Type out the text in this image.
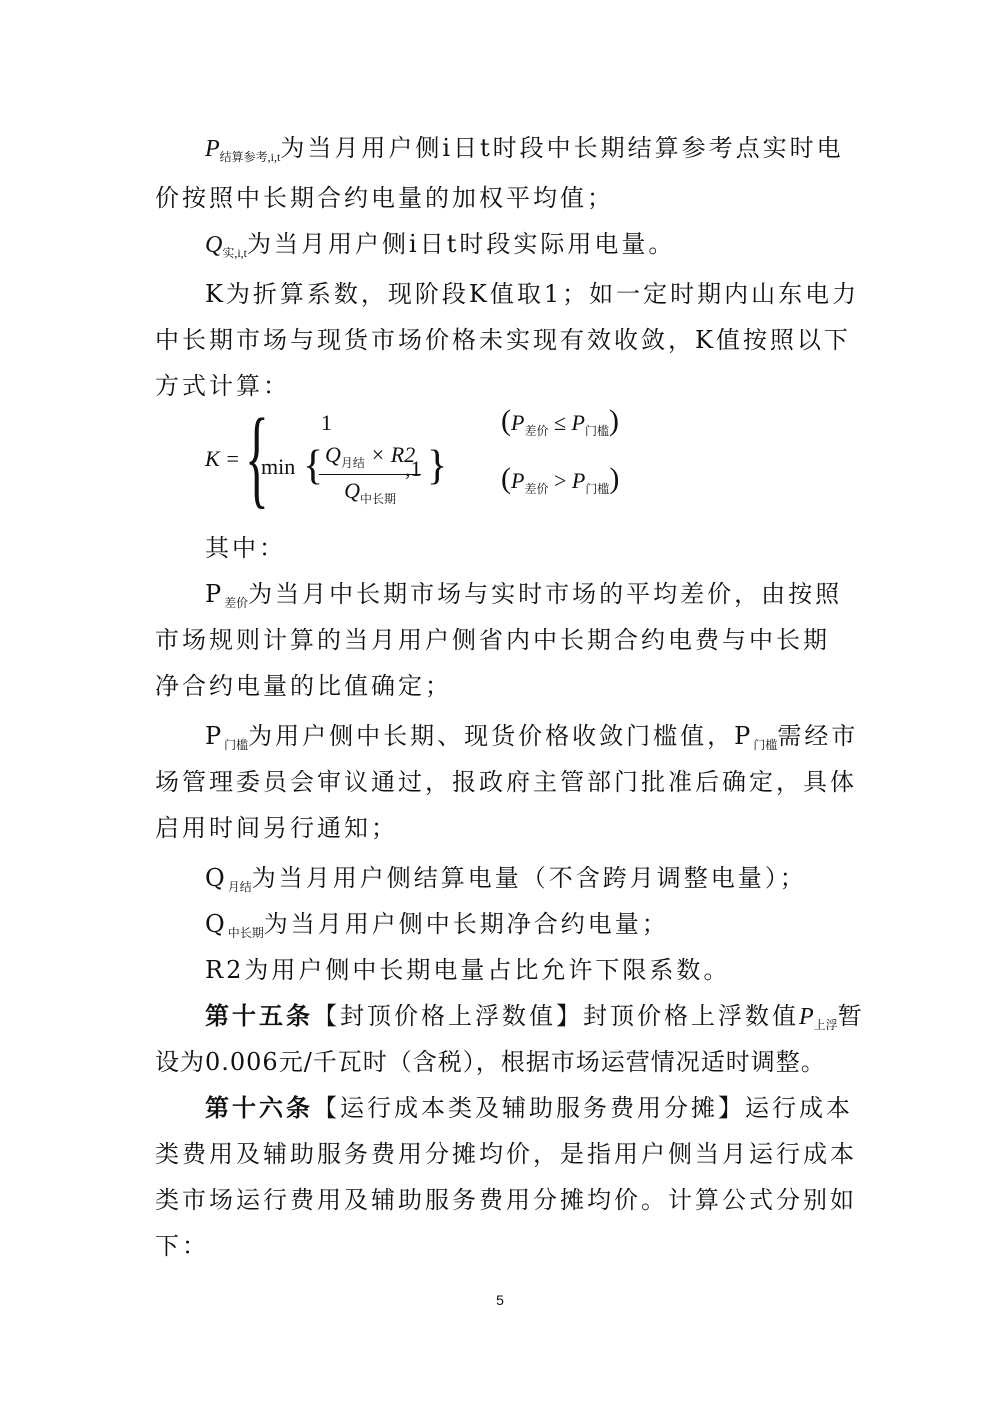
$P_{结算参考,i,t}$为当月用户侧i日t时段中长期结算参考点实时电
价按照中长期合约电量的加权平均值；
$Q_{实,i,t}$为当月用户侧i日t时段实际用电量。
K为折算系数，现阶段K值取1；如一定时期内山东电力
中长期市场与现货市场价格未实现有效收敛，K值按照以下
方式计算：
K = { 1
min { $Q_{月结} \times R2$
$Q_{中长期}$
,1 }
$(P_{差价} \le P_{门槛})$
$(P_{差价} > P_{门槛})$
其中：
$P_{差价}$为当月中长期市场与实时市场的平均差价，由按照
市场规则计算的当月用户侧省内中长期合约电费与中长期
净合约电量的比值确定；
$P_{门槛}$为用户侧中长期、现货价格收敛门槛值，$P_{门槛}$需经市
场管理委员会审议通过，报政府主管部门批准后确定，具体
启用时间另行通知；
$Q_{月结}$为当月用户侧结算电量（不含跨月调整电量）；
$Q_{中长期}$为当月用户侧中长期净合约电量；
R2为用户侧中长期电量占比允许下限系数。
第十五条【封顶价格上浮数值】封顶价格上浮数值$P_{上浮}$暂
设为0.006元/千瓦时（含税），根据市场运营情况适时调整。
第十六条【运行成本类及辅助服务费用分摊】运行成本
类费用及辅助服务费用分摊均价，是指用户侧当月运行成本
类市场运行费用及辅助服务费用分摊均价。计算公式分别如
下：
5
